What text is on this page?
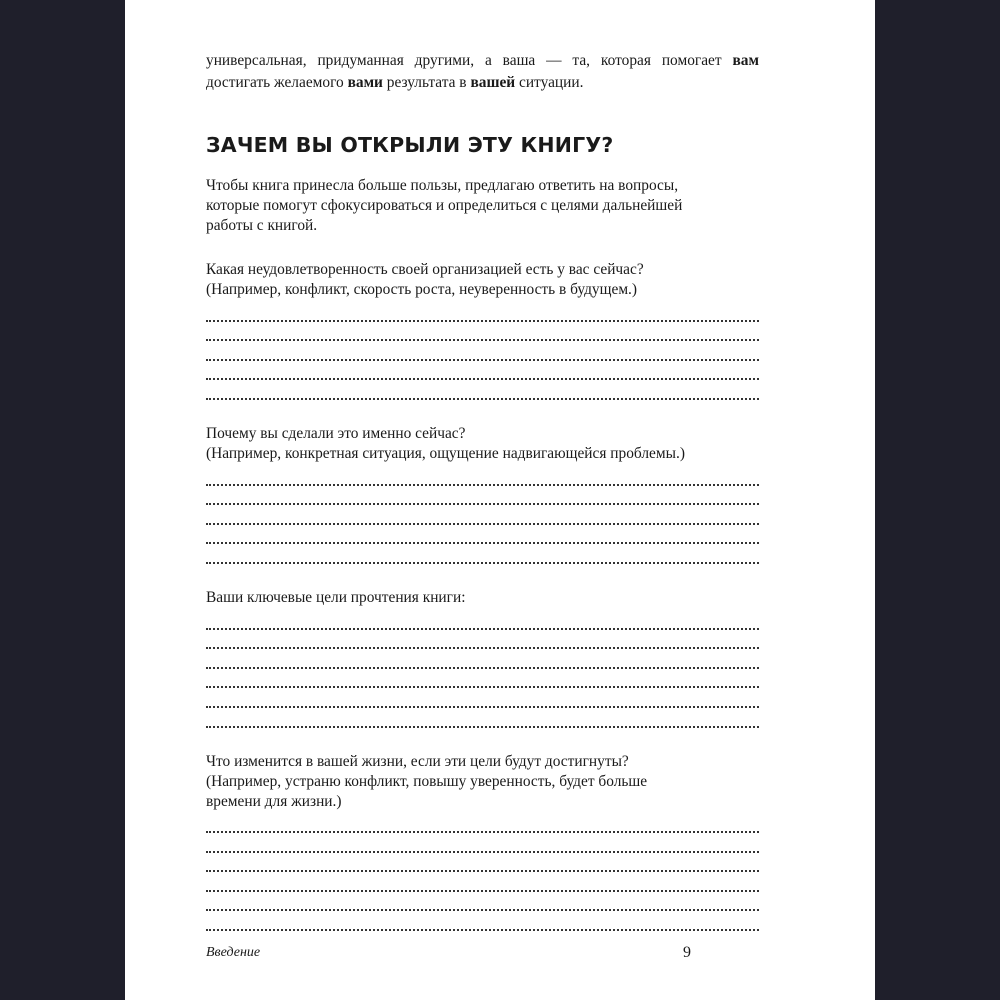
универсальная, придуманная другими, а ваша — та, которая помогает вам достигать желаемого вами результата в вашей ситуации.

ЗАЧЕМ ВЫ ОТКРЫЛИ ЭТУ КНИГУ?

Чтобы книга принесла больше пользы, предлагаю ответить на вопросы,
которые помогут сфокусироваться и определиться с целями дальнейшей
работы с книгой.

Какая неудовлетворенность своей организацией есть у вас сейчас?
(Например, конфликт, скорость роста, неуверенность в будущем.)
Почему вы сделали это именно сейчас?
(Например, конкретная ситуация, ощущение надвигающейся проблемы.)
Ваши ключевые цели прочтения книги:
Что изменится в вашей жизни, если эти цели будут достигнуты?
(Например, устраню конфликт, повышу уверенность, будет больше
времени для жизни.)
Введение	9
